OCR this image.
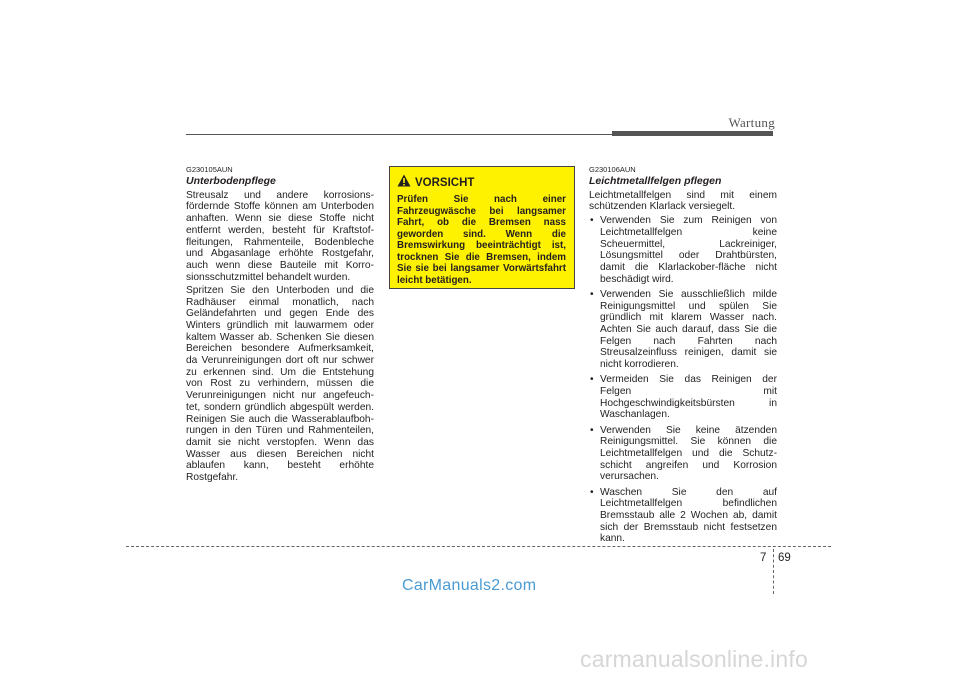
Wartung
G230105AUN
Unterbodenpflege

Streusalz und andere korrosions-fördernde Stoffe können am Unterboden anhaften. Wenn sie diese Stoffe nicht entfernt werden, besteht für Kraftstof-fleitungen, Rahmenteile, Bodenbleche und Abgasanlage erhöhte Rostgefahr, auch wenn diese Bauteile mit Korro-sionsschutzmittel behandelt wurden.

Spritzen Sie den Unterboden und die Radhäuser einmal monatlich, nach Geländefahrten und gegen Ende des Winters gründlich mit lauwarmem oder kaltem Wasser ab. Schenken Sie diesen Bereichen besondere Aufmerksamkeit, da Verunreinigungen dort oft nur schwer zu erkennen sind. Um die Entstehung von Rost zu verhindern, müssen die Verunreinigungen nicht nur angefeuch-tet, sondern gründlich abgespült werden. Reinigen Sie auch die Wasserablaufboh-rungen in den Türen und Rahmenteilen, damit sie nicht verstopfen. Wenn das Wasser aus diesen Bereichen nicht ablaufen kann, besteht erhöhte Rostgefahr.

VORSICHT
Prüfen Sie nach einer Fahrzeugwäsche bei langsamer Fahrt, ob die Bremsen nass geworden sind. Wenn die Bremswirkung beeinträchtigt ist, trocknen Sie die Bremsen, indem Sie sie bei langsamer Vorwärtsfahrt leicht betätigen.
G230106AUN
Leichtmetallfelgen pflegen

Leichtmetallfelgen sind mit einem schützenden Klarlack versiegelt.

• Verwenden Sie zum Reinigen von Leichtmetallfelgen keine Scheuermittel, Lackreiniger, Lösungsmittel oder Drahtbürsten, damit die Klarlackober-fläche nicht beschädigt wird.
• Verwenden Sie ausschließlich milde Reinigungsmittel und spülen Sie gründlich mit klarem Wasser nach. Achten Sie auch darauf, dass Sie die Felgen nach Fahrten nach Streusalzeinfluss reinigen, damit sie nicht korrodieren.
• Vermeiden Sie das Reinigen der Felgen mit Hochgeschwindigkeitsbürsten in Waschanlagen.
• Verwenden Sie keine ätzenden Reinigungsmittel. Sie können die Leichtmetallfelgen und die Schutz-schicht angreifen und Korrosion verursachen.
• Waschen Sie den auf Leichtmetallfelgen befindlichen Bremsstaub alle 2 Wochen ab, damit sich der Bremsstaub nicht festsetzen kann.
7 69
CarManuals2.com
carmanualsonline.info
